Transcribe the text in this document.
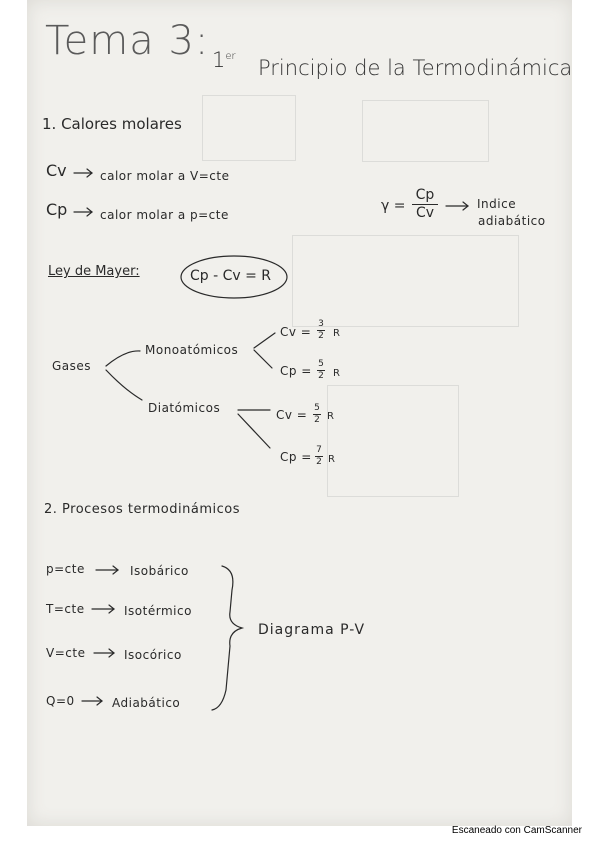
Tema 3: 1er Principio de la Termodinámica
1. Calores molares
Cv	calor molar a V=cte
Cp	calor molar a p=cte
γ =
Cp
Cv
Indice
adiabático
Ley de Mayer:	Cp - Cv = R
Gases
Monoatómicos
Diatómicos
Cv =
3
2 R
Cp = 5
2 R
Cv = 5
2 R
Cp = 7
2 R
2. Procesos termodinámicos
p=cte	Isobárico
T=cte	Isotérmico
V=cte	Isocórico
Q=0	Adiabático
Diagrama P-V
Escaneado con CamScanner
